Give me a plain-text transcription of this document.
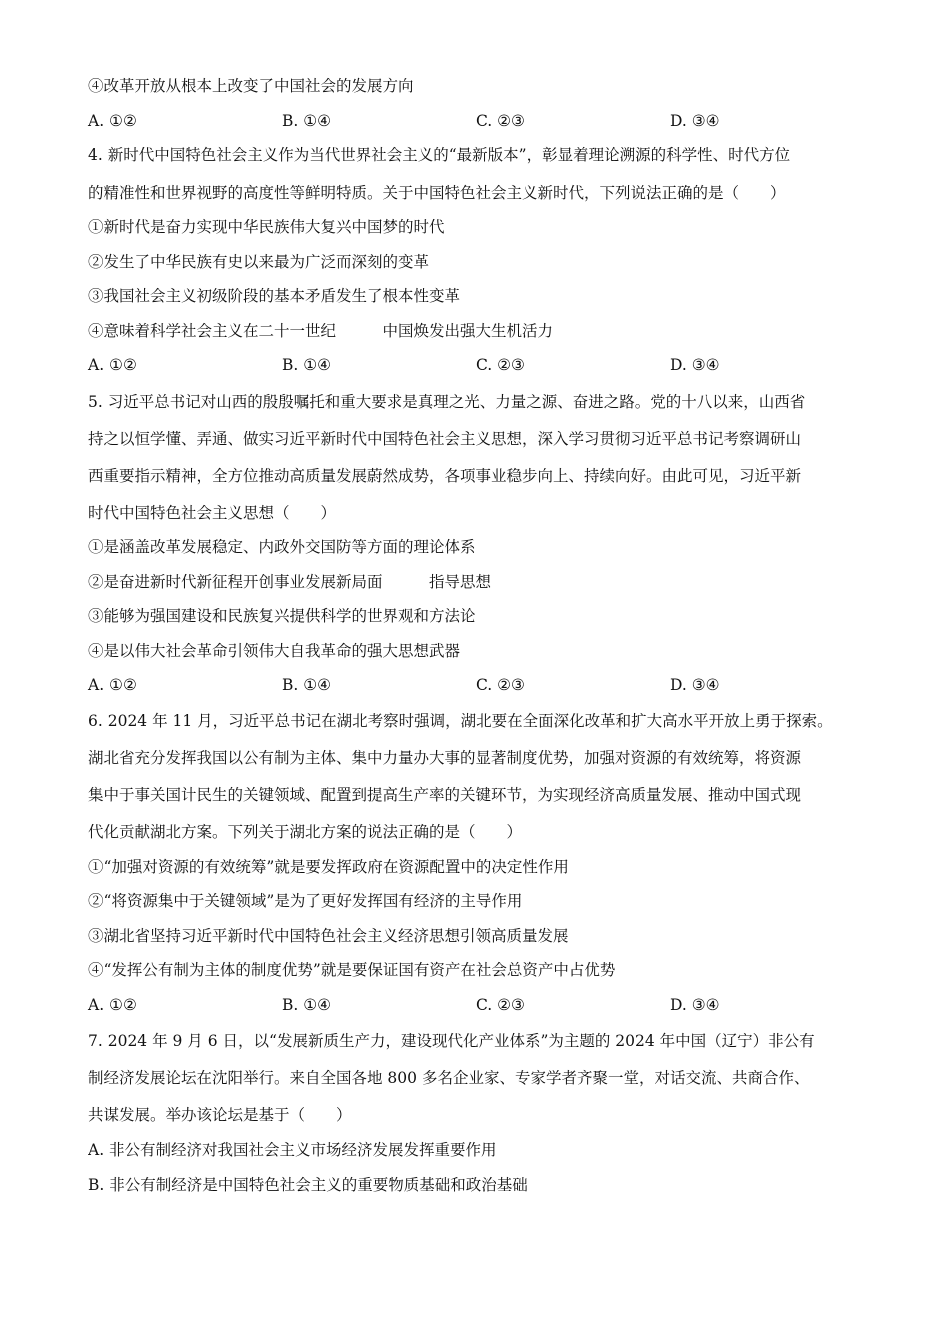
④改革开放从根本上改变了中国社会的发展方向
A. ①②	B. ①④	C. ②③	D. ③④
4. 新时代中国特色社会主义作为当代世界社会主义的“最新版本”，彰显着理论溯源的科学性、时代方位
的精准性和世界视野的高度性等鲜明特质。关于中国特色社会主义新时代，下列说法正确的是（　　）
①新时代是奋力实现中华民族伟大复兴中国梦的时代
②发生了中华民族有史以来最为广泛而深刻的变革
③我国社会主义初级阶段的基本矛盾发生了根本性变革
④意味着科学社会主义在二十一世纪　　　中国焕发出强大生机活力
A. ①②	B. ①④	C. ②③	D. ③④
5. 习近平总书记对山西的殷殷嘱托和重大要求是真理之光、力量之源、奋进之路。党的十八以来，山西省
持之以恒学懂、弄通、做实习近平新时代中国特色社会主义思想，深入学习贯彻习近平总书记考察调研山
西重要指示精神，全方位推动高质量发展蔚然成势，各项事业稳步向上、持续向好。由此可见，习近平新
时代中国特色社会主义思想（　　）
①是涵盖改革发展稳定、内政外交国防等方面的理论体系
②是奋进新时代新征程开创事业发展新局面　　　指导思想
③能够为强国建设和民族复兴提供科学的世界观和方法论
④是以伟大社会革命引领伟大自我革命的强大思想武器
A. ①②	B. ①④	C. ②③	D. ③④
6. 2024 年 11 月，习近平总书记在湖北考察时强调，湖北要在全面深化改革和扩大高水平开放上勇于探索。
湖北省充分发挥我国以公有制为主体、集中力量办大事的显著制度优势，加强对资源的有效统筹，将资源
集中于事关国计民生的关键领域、配置到提高生产率的关键环节，为实现经济高质量发展、推动中国式现
代化贡献湖北方案。下列关于湖北方案的说法正确的是（　　）
①“加强对资源的有效统筹”就是要发挥政府在资源配置中的决定性作用
②“将资源集中于关键领域”是为了更好发挥国有经济的主导作用
③湖北省坚持习近平新时代中国特色社会主义经济思想引领高质量发展
④“发挥公有制为主体的制度优势”就是要保证国有资产在社会总资产中占优势
A. ①②	B. ①④	C. ②③	D. ③④
7. 2024 年 9 月 6 日，以“发展新质生产力，建设现代化产业体系”为主题的 2024 年中国（辽宁）非公有
制经济发展论坛在沈阳举行。来自全国各地 800 多名企业家、专家学者齐聚一堂，对话交流、共商合作、
共谋发展。举办该论坛是基于（　　）
A. 非公有制经济对我国社会主义市场经济发展发挥重要作用
B. 非公有制经济是中国特色社会主义的重要物质基础和政治基础
